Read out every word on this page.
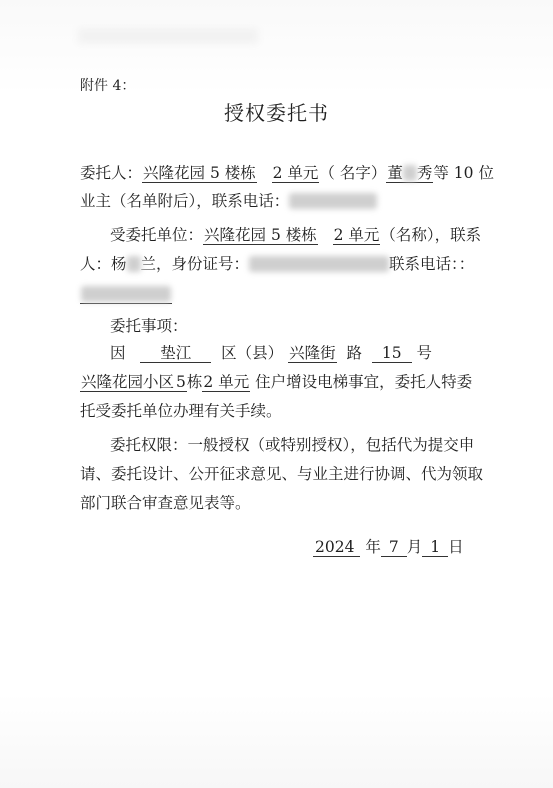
附件 4：
授权委托书
委托人：兴隆花园 5 楼栋 2 单元（ 名字）董 秀等 10 位
业主（名单附后），联系电话：
受委托单位：兴隆花园 5 楼栋 2 单元（名称），联系
人：杨 兰，身份证号：	联系电话：：
委托事项：
因 垫江 区（县） 兴隆街 路 15 号
兴隆花园小区 5栋2 单元 住户增设电梯事宜，委托人特委
托受委托单位办理有关手续。
委托权限：一般授权（或特别授权），包括代为提交申
请、委托设计、公开征求意见、与业主进行协调、代为领取
部门联合审查意见表等。
2024 年 7 月 1 日
